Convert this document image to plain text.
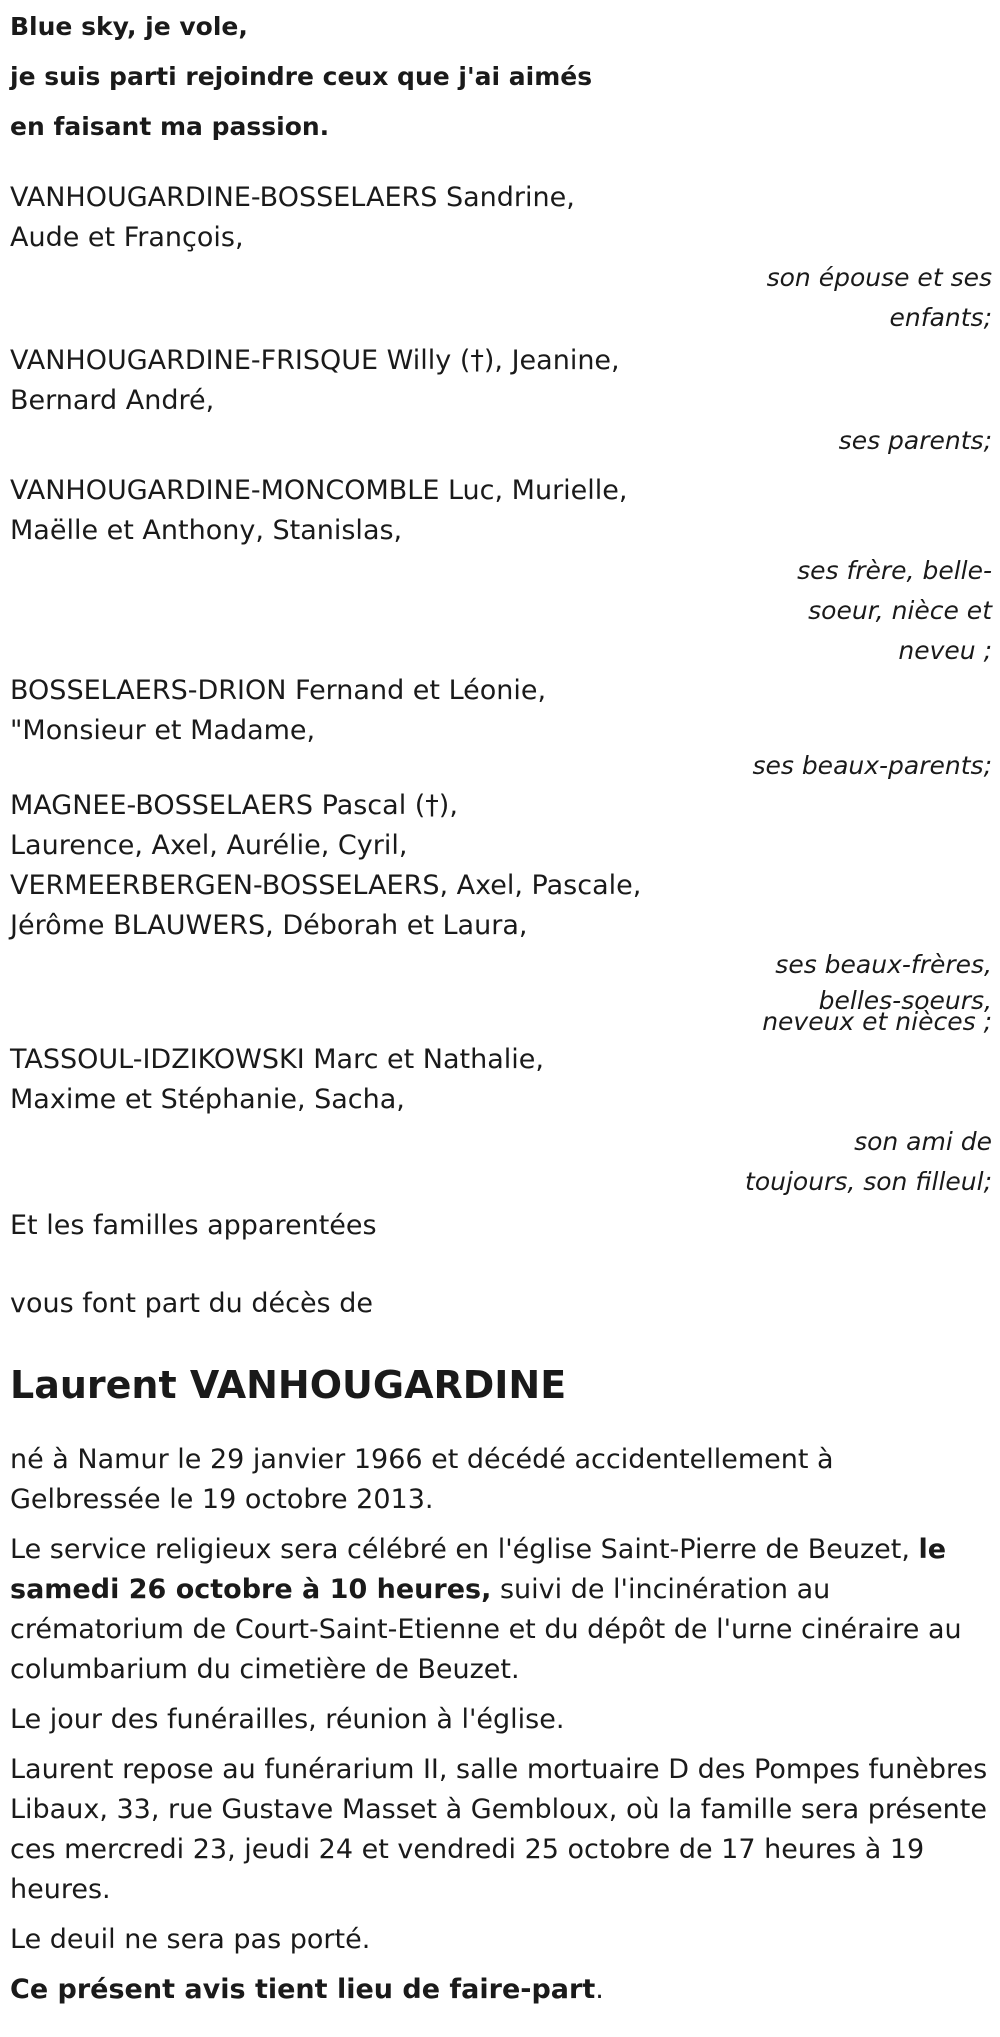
Blue sky, je vole,
je suis parti rejoindre ceux que j'ai aimés
en faisant ma passion.
VANHOUGARDINE-BOSSELAERS Sandrine,
Aude et François,
son épouse et ses
enfants;
VANHOUGARDINE-FRISQUE Willy (†), Jeanine,
Bernard André,
ses parents;
VANHOUGARDINE-MONCOMBLE Luc, Murielle,
Maëlle et Anthony, Stanislas,
ses frère, belle-
soeur, nièce et
neveu ;
BOSSELAERS-DRION Fernand et Léonie,
"Monsieur et Madame,
ses beaux-parents;
MAGNEE-BOSSELAERS Pascal (†),
Laurence, Axel, Aurélie, Cyril,
VERMEERBERGEN-BOSSELAERS, Axel, Pascale,
Jérôme BLAUWERS, Déborah et Laura,
ses beaux-frères,
belles-soeurs,
neveux et nièces ;
TASSOUL-IDZIKOWSKI Marc et Nathalie,
Maxime et Stéphanie, Sacha,
son ami de
toujours, son filleul;
Et les familles apparentées
vous font part du décès de
Laurent VANHOUGARDINE

né à Namur le 29 janvier 1966 et décédé accidentellement à Gelbressée le 19 octobre 2013.

Le service religieux sera célébré en l'église Saint-Pierre de Beuzet, le samedi 26 octobre à 10 heures, suivi de l'incinération au crématorium de Court-Saint-Etienne et du dépôt de l'urne cinéraire au columbarium du cimetière de Beuzet.

Le jour des funérailles, réunion à l'église.

Laurent repose au funérarium II, salle mortuaire D des Pompes funèbres Libaux, 33, rue Gustave Masset à Gembloux, où la famille sera présente ces mercredi 23, jeudi 24 et vendredi 25 octobre de 17 heures à 19 heures.

Le deuil ne sera pas porté.

Ce présent avis tient lieu de faire-part.
